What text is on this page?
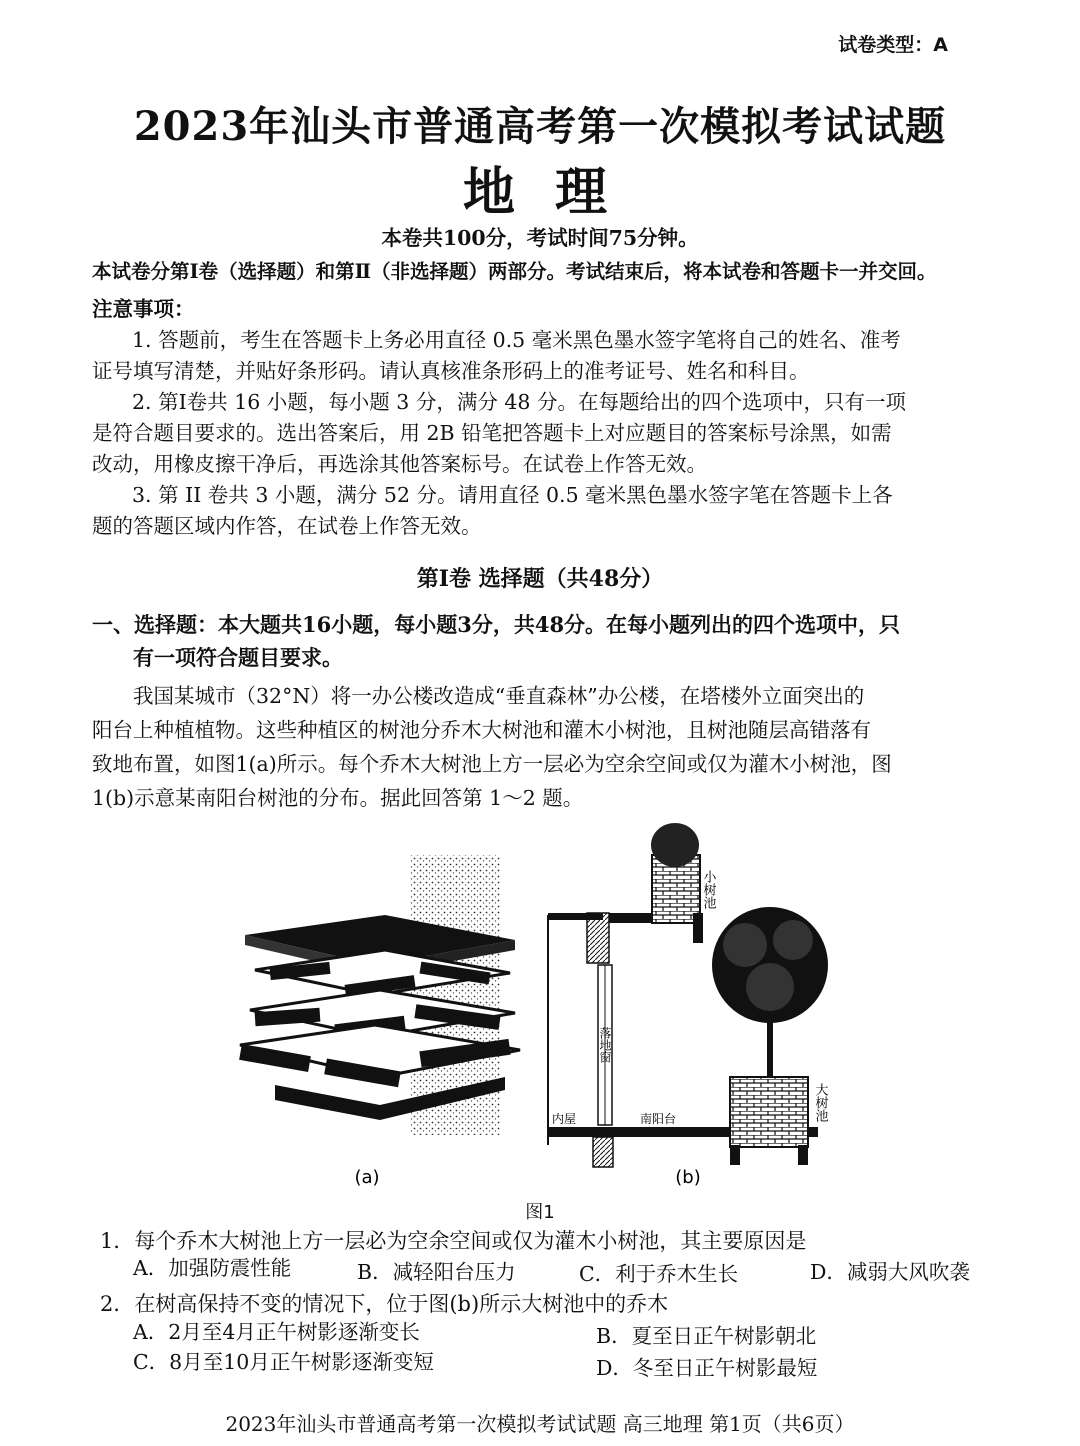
试卷类型：A
2023年汕头市普通高考第一次模拟考试试题
地理
本卷共100分，考试时间75分钟。
本试卷分第Ⅰ卷（选择题）和第Ⅱ（非选择题）两部分。考试结束后，将本试卷和答题卡一并交回。
注意事项：
1. 答题前，考生在答题卡上务必用直径 0.5 毫米黑色墨水签字笔将自己的姓名、准考
证号填写清楚，并贴好条形码。请认真核准条形码上的准考证号、姓名和科目。
2. 第Ⅰ卷共 16 小题，每小题 3 分，满分 48 分。在每题给出的四个选项中，只有一项
是符合题目要求的。选出答案后，用 2B 铅笔把答题卡上对应题目的答案标号涂黑，如需
改动，用橡皮擦干净后，再选涂其他答案标号。在试卷上作答无效。
3. 第 II 卷共 3 小题，满分 52 分。请用直径 0.5 毫米黑色墨水签字笔在答题卡上各
题的答题区域内作答，在试卷上作答无效。
第Ⅰ卷 选择题（共48分）
一、选择题：本大题共16小题，每小题3分，共48分。在每小题列出的四个选项中，只
有一项符合题目要求。
我国某城市（32°N）将一办公楼改造成“垂直森林”办公楼，在塔楼外立面突出的
阳台上种植植物。这些种植区的树池分乔木大树池和灌木小树池，且树池随层高错落有
致地布置，如图1(a)所示。每个乔木大树池上方一层必为空余空间或仅为灌木小树池，图
1(b)示意某南阳台树池的分布。据此回答第 1～2 题。
(a)
小树池
大树池
落地窗
内屋	南阳台
(b)
图1
1．每个乔木大树池上方一层必为空余空间或仅为灌木小树池，其主要原因是
A．加强防震性能	B．减轻阳台压力	C．利于乔木生长	D．减弱大风吹袭
2．在树高保持不变的情况下，位于图(b)所示大树池中的乔木
A．2月至4月正午树影逐渐变长	B．夏至日正午树影朝北
C．8月至10月正午树影逐渐变短	D．冬至日正午树影最短
2023年汕头市普通高考第一次模拟考试试题 高三地理 第1页（共6页）
